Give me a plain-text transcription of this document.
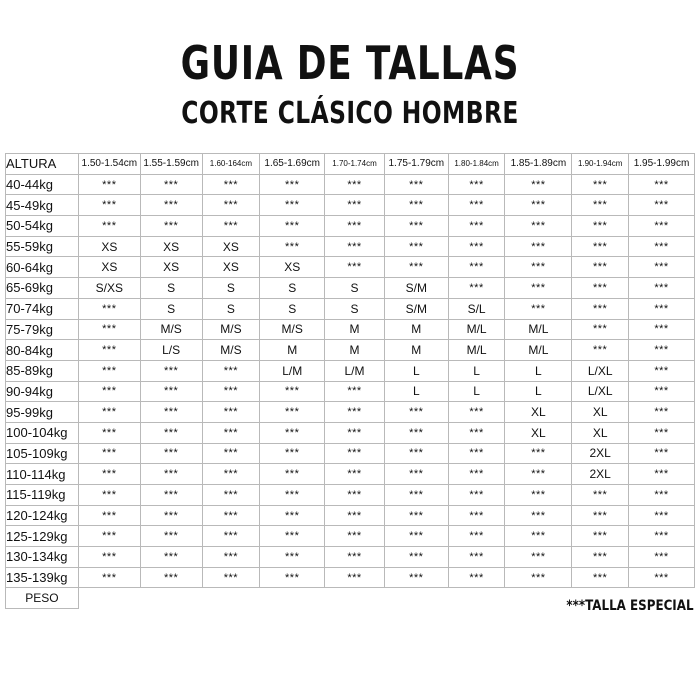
GUIA DE TALLAS
CORTE CLÁSICO HOMBRE
ALTURA	1.50-1.54cm	1.55-1.59cm	1.60-164cm	1.65-1.69cm	1.70-1.74cm	1.75-1.79cm	1.80-1.84cm	1.85-1.89cm	1.90-1.94cm	1.95-1.99cm
40-44kg	***	***	***	***	***	***	***	***	***	***
45-49kg	***	***	***	***	***	***	***	***	***	***
50-54kg	***	***	***	***	***	***	***	***	***	***
55-59kg	XS	XS	XS	***	***	***	***	***	***	***
60-64kg	XS	XS	XS	XS	***	***	***	***	***	***
65-69kg	S/XS	S	S	S	S	S/M	***	***	***	***
70-74kg	***	S	S	S	S	S/M	S/L	***	***	***
75-79kg	***	M/S	M/S	M/S	M	M	M/L	M/L	***	***
80-84kg	***	L/S	M/S	M	M	M	M/L	M/L	***	***
85-89kg	***	***	***	L/M	L/M	L	L	L	L/XL	***
90-94kg	***	***	***	***	***	L	L	L	L/XL	***
95-99kg	***	***	***	***	***	***	***	XL	XL	***
100-104kg	***	***	***	***	***	***	***	XL	XL	***
105-109kg	***	***	***	***	***	***	***	***	2XL	***
110-114kg	***	***	***	***	***	***	***	***	2XL	***
115-119kg	***	***	***	***	***	***	***	***	***	***
120-124kg	***	***	***	***	***	***	***	***	***	***
125-129kg	***	***	***	***	***	***	***	***	***	***
130-134kg	***	***	***	***	***	***	***	***	***	***
135-139kg	***	***	***	***	***	***	***	***	***	***
PESO											***TALLA ESPECIAL
